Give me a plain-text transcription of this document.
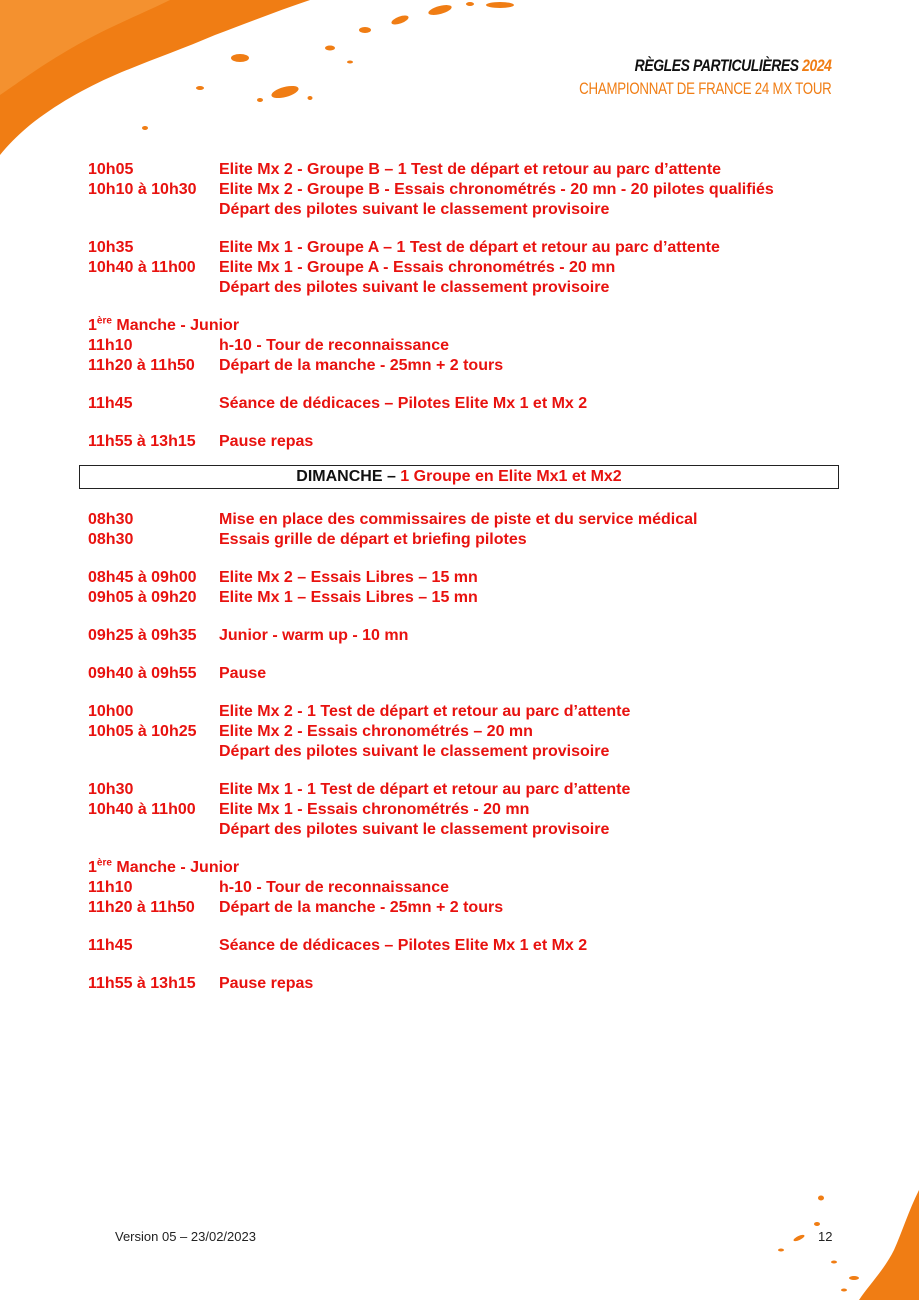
RÈGLES PARTICULIÈRES 2024
CHAMPIONNAT DE FRANCE 24 MX TOUR
10h05	Elite Mx 2 - Groupe B – 1 Test de départ et retour au parc d’attente
10h10 à 10h30	Elite Mx 2 - Groupe B - Essais chronométrés - 20 mn - 20 pilotes qualifiés
Départ des pilotes suivant le classement provisoire
10h35	Elite Mx 1 - Groupe A – 1 Test de départ et retour au parc d’attente
10h40 à 11h00	Elite Mx 1 - Groupe A - Essais chronométrés - 20 mn
Départ des pilotes suivant le classement provisoire
1ère Manche - Junior
11h10	h-10 - Tour de reconnaissance
11h20 à 11h50	Départ de la manche - 25mn + 2 tours
11h45	Séance de dédicaces – Pilotes Elite Mx 1 et Mx 2
11h55 à 13h15	Pause repas
DIMANCHE – 1 Groupe en Elite Mx1 et Mx2
08h30	Mise en place des commissaires de piste et du service médical
08h30	Essais grille de départ et briefing pilotes
08h45 à 09h00	Elite Mx 2 – Essais Libres – 15 mn
09h05 à 09h20	Elite Mx 1 – Essais Libres – 15 mn
09h25 à 09h35	Junior - warm up - 10 mn
09h40 à 09h55	Pause
10h00	Elite Mx 2 - 1 Test de départ et retour au parc d’attente
10h05 à 10h25	Elite Mx 2 - Essais chronométrés – 20 mn
Départ des pilotes suivant le classement provisoire
10h30	Elite Mx 1 - 1 Test de départ et retour au parc d’attente
10h40 à 11h00	Elite Mx 1 - Essais chronométrés - 20 mn
Départ des pilotes suivant le classement provisoire
1ère Manche - Junior
11h10	h-10 - Tour de reconnaissance
11h20 à 11h50	Départ de la manche - 25mn + 2 tours
11h45	Séance de dédicaces – Pilotes Elite Mx 1 et Mx 2
11h55 à 13h15	Pause repas
Version 05 – 23/02/2023	12
